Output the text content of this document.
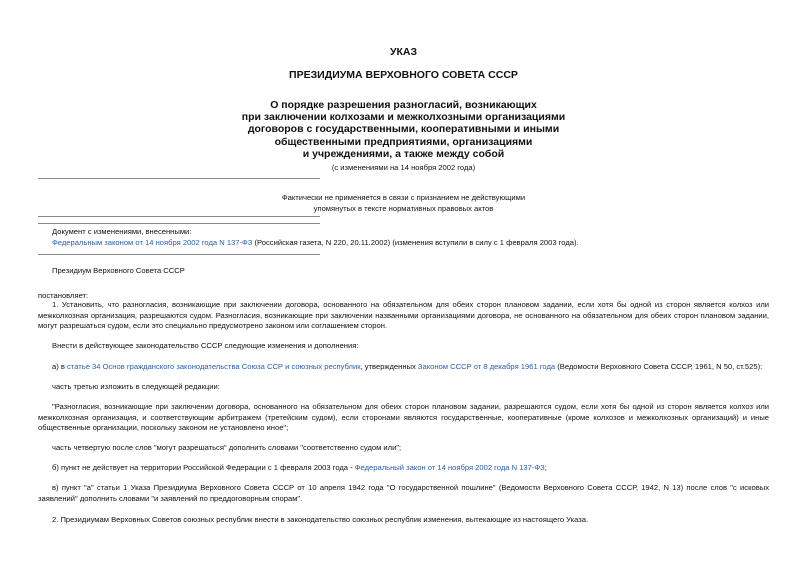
УКАЗ
ПРЕЗИДИУМА ВЕРХОВНОГО СОВЕТА СССР
О порядке разрешения разногласий, возникающих
при заключении колхозами и межколхозными организациями
договоров с государственными, кооперативными и иными
общественными предприятиями, организациями
и учреждениями, а также между собой
(с изменениями на 14 ноября 2002 года)
Фактически не применяется в связи с признанием не действующими
упомянутых в тексте нормативных правовых актов
Документ с изменениями, внесенными:
Федеральным законом от 14 ноября 2002 года N 137-ФЗ (Российская газета, N 220, 20.11.2002) (изменения вступили в силу с 1 февраля 2003 года).
Президиум Верховного Совета СССР
постановляет:
1. Установить, что разногласия, возникающие при заключении договора, основанного на обязательном для обеих сторон плановом задании, если хотя бы одной из сторон является колхоз или межколхозная организация, разрешаются судом. Разногласия, возникающие при заключении названными организациями договора, не основанного на обязательном для обеих сторон плановом задании, могут разрешаться судом, если это специально предусмотрено законом или соглашением сторон.
Внести в действующее законодательство СССР следующие изменения и дополнения:
а) в статье 34 Основ гражданского законодательства Союза ССР и союзных республик, утвержденных Законом СССР от 8 декабря 1961 года (Ведомости Верховного Совета СССР, 1961, N 50, ст.525):
часть третью изложить в следующей редакции:
"Разногласия, возникающие при заключении договора, основанного на обязательном для обеих сторон плановом задании, разрешаются судом, если хотя бы одной из сторон является колхоз или межколхозная организация, и соответствующим арбитражем (третейским судом), если сторонами являются государственные, кооперативные (кроме колхозов и межколхозных организаций) и иные общественные организации, поскольку законом не установлено иное";
часть четвертую после слов "могут разрешаться" дополнить словами "соответственно судом или";
б) пункт не действует на территории Российской Федерации с 1 февраля 2003 года - Федеральный закон от 14 ноября 2002 года N 137-ФЗ;
в) пункт "а" статьи 1 Указа Президиума Верховного Совета СССР от 10 апреля 1942 года "О государственной пошлине" (Ведомости Верховного Совета СССР, 1942, N 13) после слов "с исковых заявлений" дополнить словами "и заявлений по преддоговорным спорам".
2. Президиумам Верховных Советов союзных республик внести в законодательство союзных республик изменения, вытекающие из настоящего Указа.
